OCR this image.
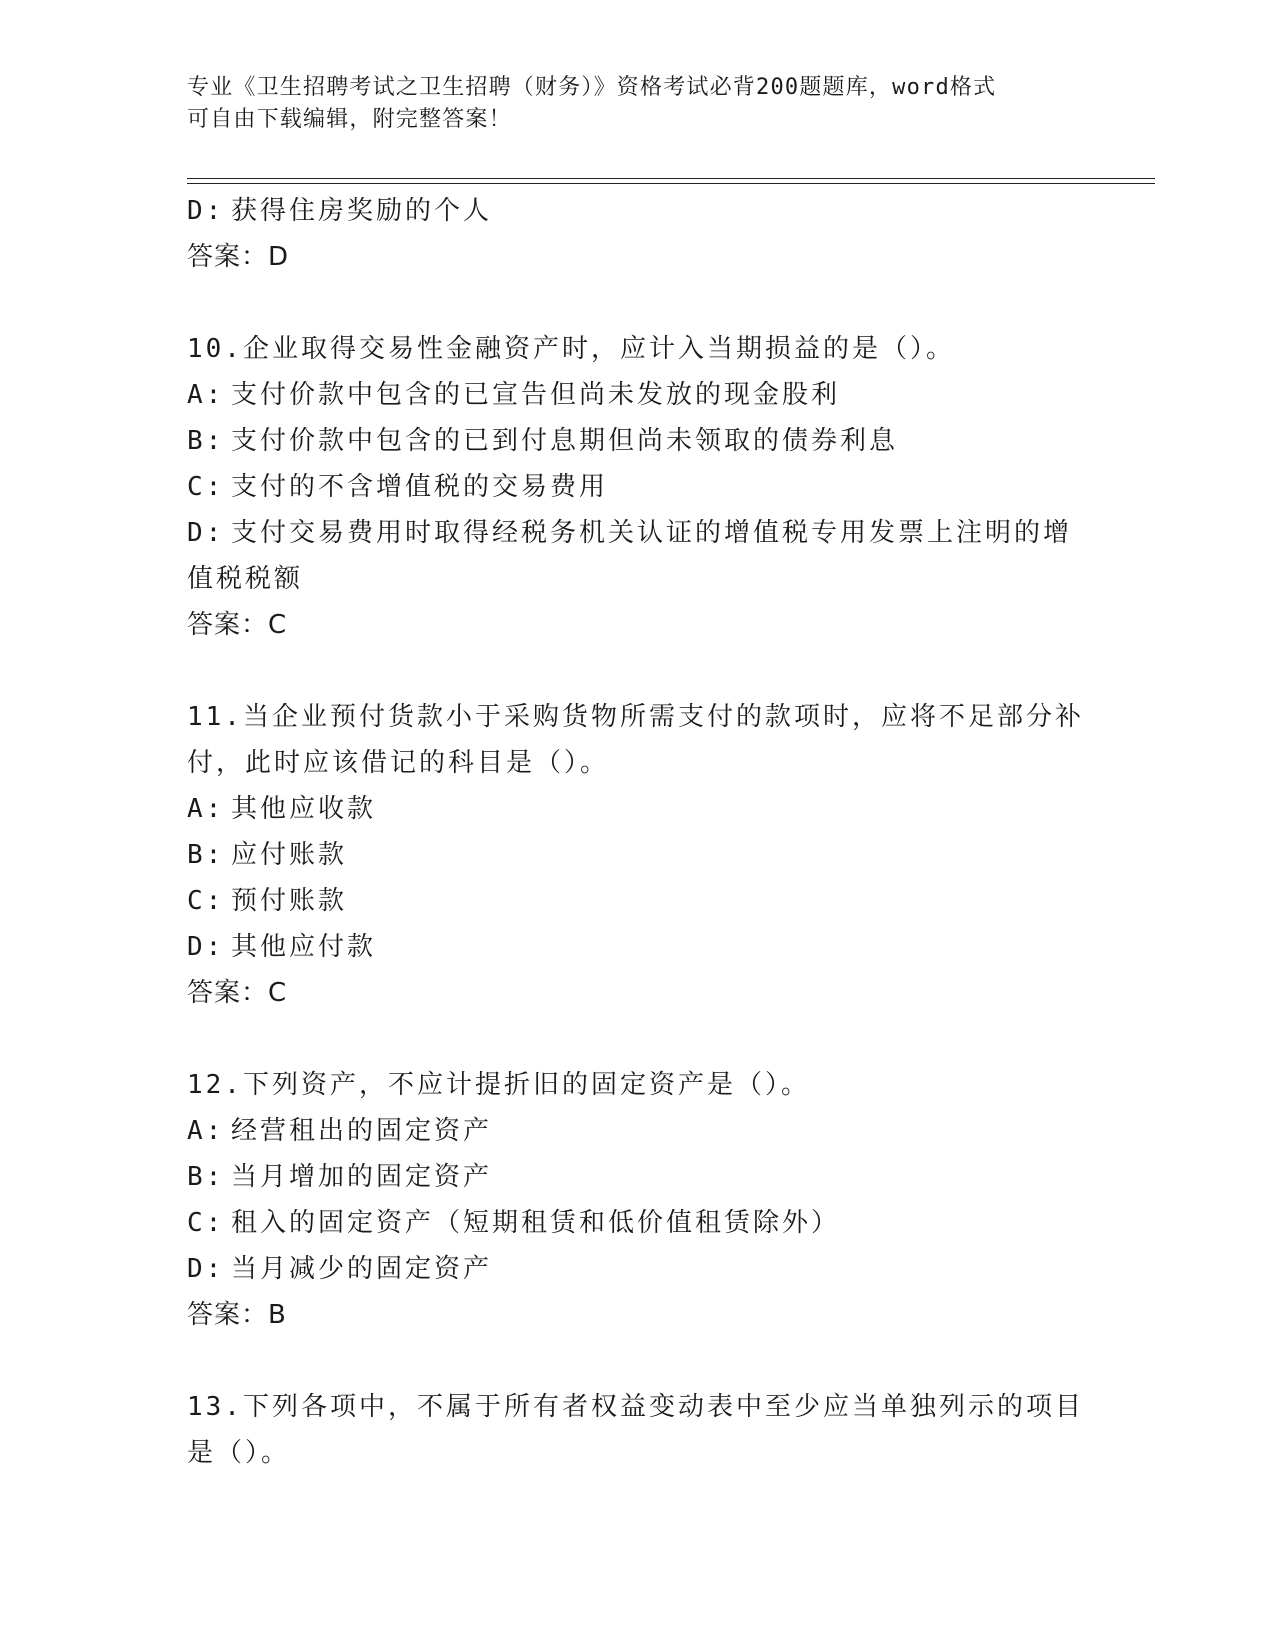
专业《卫生招聘考试之卫生招聘（财务）》资格考试必背200题题库，word格式
可自由下载编辑，附完整答案！
D: 获得住房奖励的个人
答案：D
10.企业取得交易性金融资产时，应计入当期损益的是（）。
A: 支付价款中包含的已宣告但尚未发放的现金股利
B: 支付价款中包含的已到付息期但尚未领取的债券利息
C: 支付的不含增值税的交易费用
D: 支付交易费用时取得经税务机关认证的增值税专用发票上注明的增
值税税额
答案：C
11.当企业预付货款小于采购货物所需支付的款项时，应将不足部分补
付，此时应该借记的科目是（）。
A: 其他应收款
B: 应付账款
C: 预付账款
D: 其他应付款
答案：C
12.下列资产，不应计提折旧的固定资产是（）。
A: 经营租出的固定资产
B: 当月增加的固定资产
C: 租入的固定资产（短期租赁和低价值租赁除外）
D: 当月减少的固定资产
答案：B
13.下列各项中，不属于所有者权益变动表中至少应当单独列示的项目
是（）。
